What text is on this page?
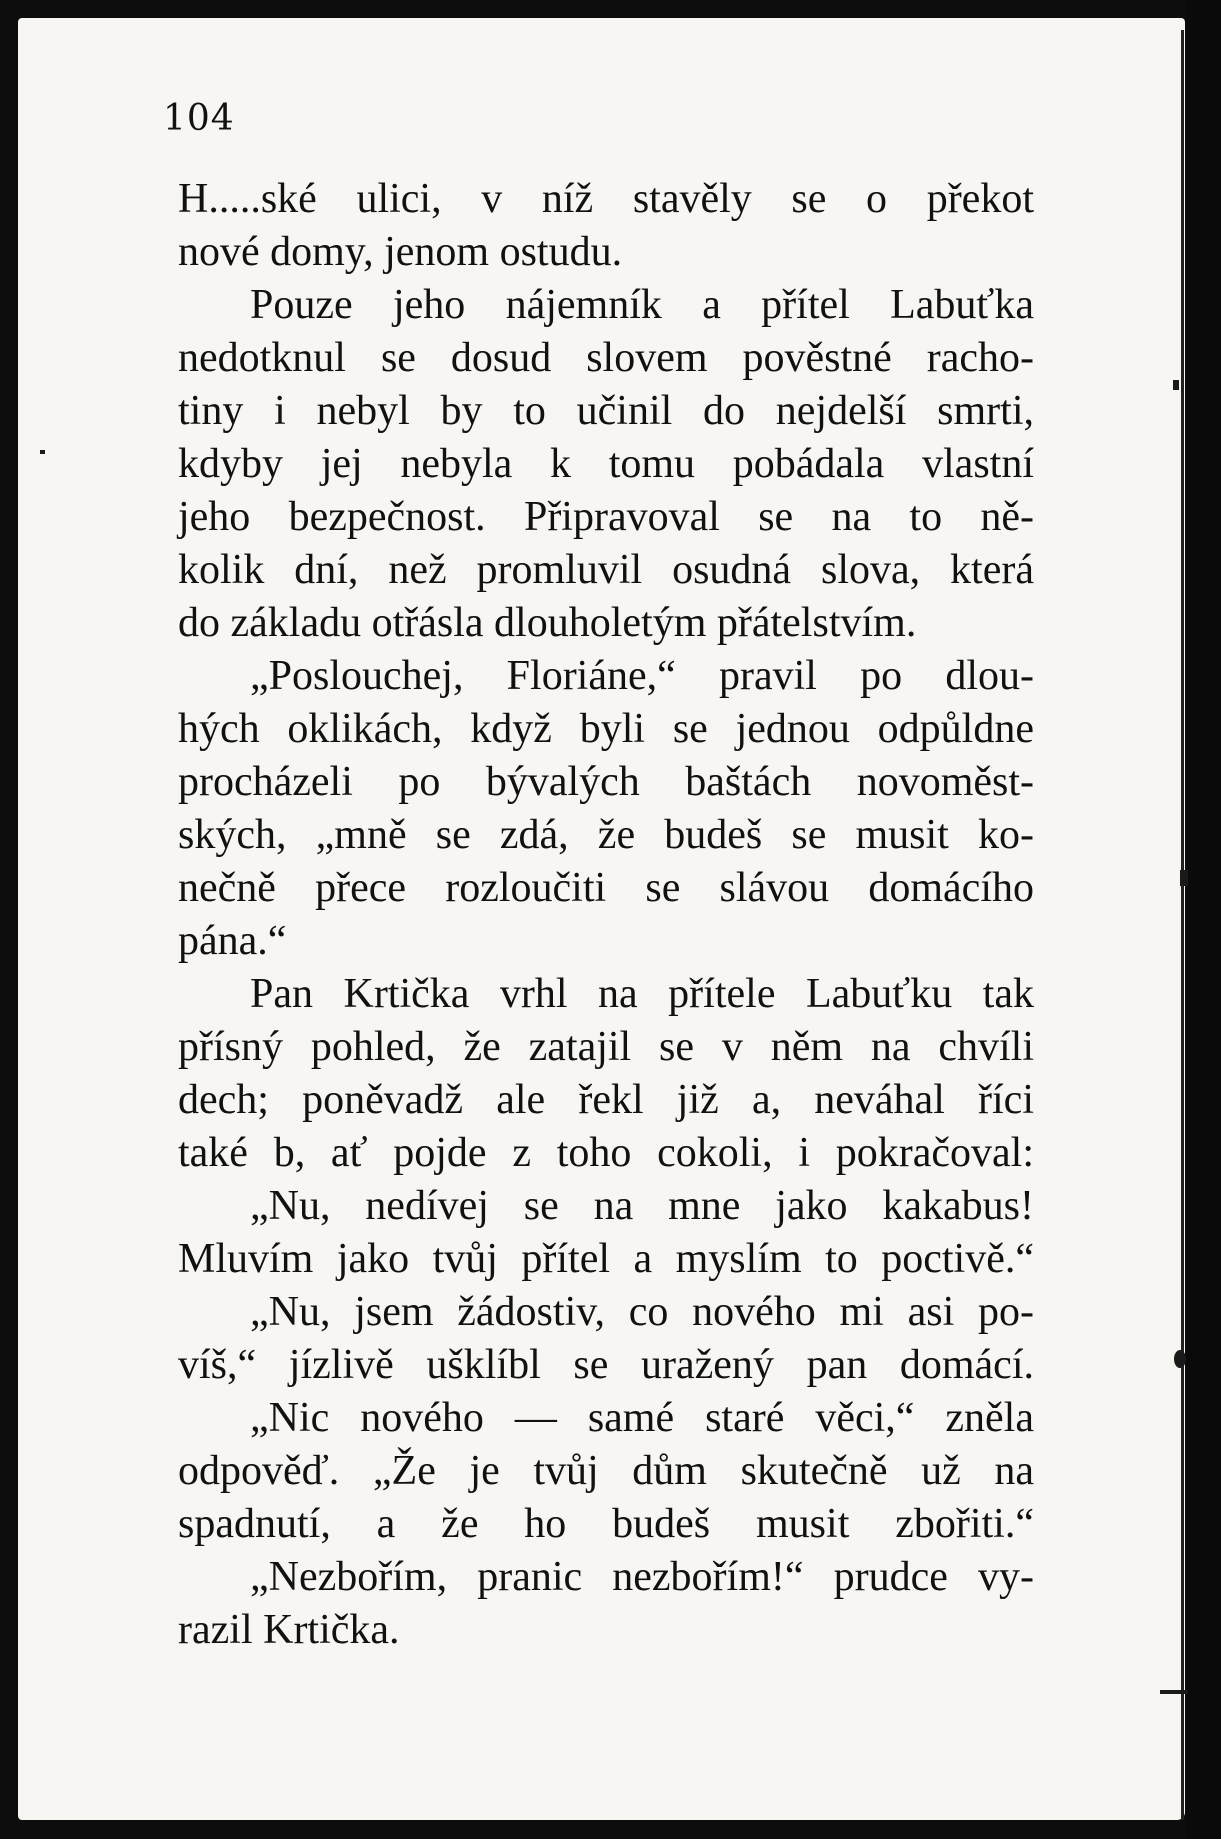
104
H.....ské ulici, v níž stavěly se o překot
nové domy, jenom ostudu.
Pouze jeho nájemník a přítel Labuťka
nedotknul se dosud slovem pověstné racho-
tiny i nebyl by to učinil do nejdelší smrti,
kdyby jej nebyla k tomu pobádala vlastní
jeho bezpečnost. Připravoval se na to ně-
kolik dní, než promluvil osudná slova, která
do základu otřásla dlouholetým přátelstvím.
„Poslouchej, Floriáne,“ pravil po dlou-
hých oklikách, když byli se jednou odpůldne
procházeli po bývalých baštách novoměst-
ských, „mně se zdá, že budeš se musit ko-
nečně přece rozloučiti se slávou domácího
pána.“
Pan Krtička vrhl na přítele Labuťku tak
přísný pohled, že zatajil se v něm na chvíli
dech; poněvadž ale řekl již a, neváhal říci
také b, ať pojde z toho cokoli, i pokračoval:
„Nu, nedívej se na mne jako kakabus!
Mluvím jako tvůj přítel a myslím to poctivě.“
„Nu, jsem žádostiv, co nového mi asi po-
víš,“ jízlivě ušklíbl se uražený pan domácí.
„Nic nového — samé staré věci,“ zněla
odpověď. „Že je tvůj dům skutečně už na
spadnutí, a že ho budeš musit zbořiti.“
„Nezbořím, pranic nezbořím!“ prudce vy-
razil Krtička.
